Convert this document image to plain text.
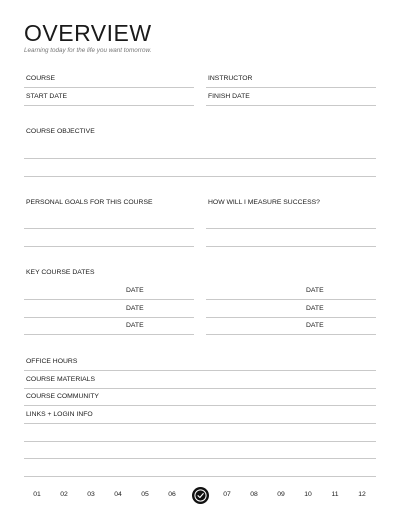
OVERVIEW
Learning today for the life you want tomorrow.
COURSE	INSTRUCTOR
START DATE	FINISH DATE
COURSE OBJECTIVE
PERSONAL GOALS FOR THIS COURSE	HOW WILL I MEASURE SUCCESS?
KEY COURSE DATES
DATE	DATE
DATE	DATE
DATE	DATE
OFFICE HOURS
COURSE MATERIALS
COURSE COMMUNITY
LINKS + LOGIN INFO
01	02	03	04	05	06	07	08	09	10	11	12
